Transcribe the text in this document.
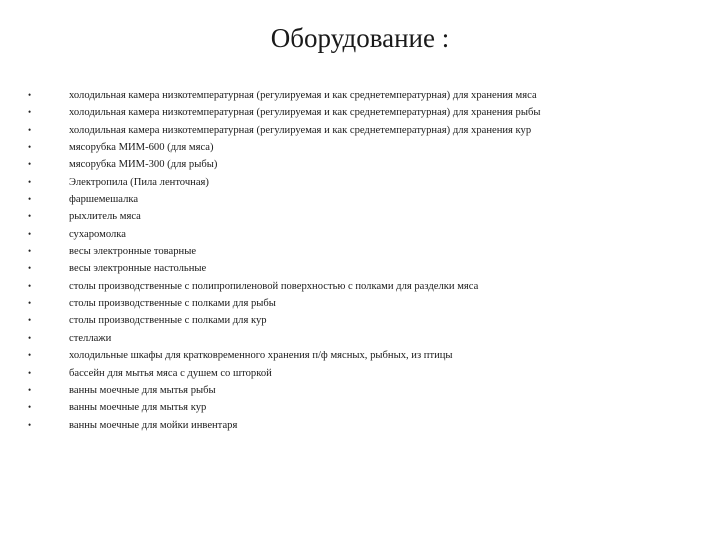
Оборудование :
•	холодильная камера низкотемпературная (регулируемая и как среднетемпературная) для хранения мяса
•	холодильная камера низкотемпературная (регулируемая и как среднетемпературная) для хранения рыбы
•	холодильная камера низкотемпературная (регулируемая и как среднетемпературная) для хранения кур
•	мясорубка МИМ-600 (для мяса)
•	мясорубка МИМ-300 (для рыбы)
•	Электропила (Пила ленточная)
•	фаршемешалка
•	рыхлитель мяса
•	сухаромолка
•	весы электронные товарные
•	весы электронные настольные
•	столы производственные с полипропиленовой поверхностью с полками для разделки мяса
•	столы производственные с полками для рыбы
•	столы производственные с полками для кур
•	стеллажи
•	холодильные шкафы для кратковременного хранения п/ф мясных, рыбных, из птицы
•	бассейн для мытья мяса с душем со шторкой
•	ванны моечные для мытья рыбы
•	ванны моечные для мытья кур
•	ванны моечные для мойки инвентаря
